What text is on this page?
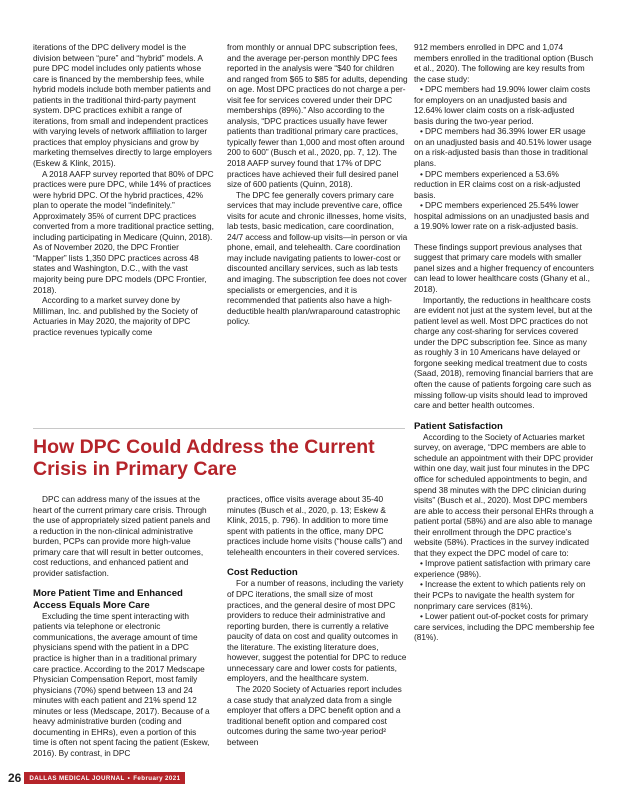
iterations of the DPC delivery model is the division between “pure” and “hybrid” models. A pure DPC model includes only patients whose care is financed by the membership fees, while hybrid models include both member patients and patients in the traditional third-party payment system. DPC practices exhibit a range of iterations, from small and independent practices with varying levels of network affiliation to larger practices that employ physicians and grow by marketing themselves directly to large employers (Eskew & Klink, 2015).

A 2018 AAFP survey reported that 80% of DPC practices were pure DPC, while 14% of practices were hybrid DPC. Of the hybrid practices, 42% plan to operate the model “indefinitely.” Approximately 35% of current DPC practices converted from a more traditional practice setting, including participating in Medicare (Quinn, 2018). As of November 2020, the DPC Frontier “Mapper” lists 1,350 DPC practices across 48 states and Washington, D.C., with the vast majority being pure DPC models (DPC Frontier, 2018).

According to a market survey done by Milliman, Inc. and published by the Society of Actuaries in May 2020, the majority of DPC practice revenues typically come

from monthly or annual DPC subscription fees, and the average per-person monthly DPC fees reported in the analysis were “$40 for children and ranged from $65 to $85 for adults, depending on age. Most DPC practices do not charge a per-visit fee for services covered under their DPC memberships (89%).” Also according to the analysis, “DPC practices usually have fewer patients than traditional primary care practices, typically fewer than 1,000 and most often around 200 to 600” (Busch et al., 2020, pp. 7, 12). The 2018 AAFP survey found that 17% of DPC practices have achieved their full desired panel size of 600 patients (Quinn, 2018).

The DPC fee generally covers primary care services that may include preventive care, office visits for acute and chronic illnesses, home visits, lab tests, basic medication, care coordination, 24/7 access and follow-up visits—in person or via phone, email, and telehealth. Care coordination may include navigating patients to lower-cost or discounted ancillary services, such as lab tests and imaging. The subscription fee does not cover specialists or emergencies, and it is recommended that patients also have a high-deductible health plan/wraparound catastrophic policy.

912 members enrolled in DPC and 1,074 members enrolled in the traditional option (Busch et al., 2020). The following are key results from the case study:

• DPC members had 19.90% lower claim costs for employers on an unadjusted basis and 12.64% lower claim costs on a risk-adjusted basis during the two-year period.

• DPC members had 36.39% lower ER usage on an unadjusted basis and 40.51% lower usage on a risk-adjusted basis than those in traditional plans.

• DPC members experienced a 53.6% reduction in ER claims cost on a risk-adjusted basis.

• DPC members experienced 25.54% lower hospital admissions on an unadjusted basis and a 19.90% lower rate on a risk-adjusted basis.

These findings support previous analyses that suggest that primary care models with smaller panel sizes and a higher frequency of encounters can lead to lower healthcare costs (Ghany et al., 2018).

Importantly, the reductions in healthcare costs are evident not just at the system level, but at the patient level as well. Most DPC practices do not charge any cost-sharing for services covered under the DPC subscription fee. Since as many as roughly 3 in 10 Americans have delayed or forgone seeking medical treatment due to costs (Saad, 2018), removing financial barriers that are often the cause of patients forgoing care such as missing follow-up visits should lead to improved care and better health outcomes.

Patient Satisfaction

According to the Society of Actuaries market survey, on average, “DPC members are able to schedule an appointment with their DPC provider within one day, wait just four minutes in the DPC office for scheduled appointments to begin, and spend 38 minutes with the DPC clinician during visits” (Busch et al., 2020). Most DPC members are able to access their personal EHRs through a patient portal (58%) and are also able to manage their enrollment through the DPC practice’s website (58%). Practices in the survey indicated that they expect the DPC model of care to:

• Improve patient satisfaction with primary care experience (98%).

• Increase the extent to which patients rely on their PCPs to navigate the health system for nonprimary care services (81%).

• Lower patient out-of-pocket costs for primary care services, including the DPC membership fee (81%).

How DPC Could Address the Current Crisis in Primary Care

DPC can address many of the issues at the heart of the current primary care crisis. Through the use of appropriately sized patient panels and a reduction in the non-clinical administrative burden, PCPs can provide more high-value primary care that will result in better outcomes, cost reductions, and enhanced patient and provider satisfaction.

More Patient Time and Enhanced Access Equals More Care

Excluding the time spent interacting with patients via telephone or electronic communications, the average amount of time physicians spend with the patient in a DPC practice is higher than in a traditional primary care practice. According to the 2017 Medscape Physician Compensation Report, most family physicians (70%) spend between 13 and 24 minutes with each patient and 21% spend 12 minutes or less (Medscape, 2017). Because of a heavy administrative burden (coding and documenting in EHRs), even a portion of this time is often not spent facing the patient (Eskew, 2016). By contrast, in DPC

practices, office visits average about 35-40 minutes (Busch et al., 2020, p. 13; Eskew & Klink, 2015, p. 796). In addition to more time spent with patients in the office, many DPC practices include home visits (“house calls”) and telehealth encounters in their covered services.

Cost Reduction

For a number of reasons, including the variety of DPC iterations, the small size of most practices, and the general desire of most DPC providers to reduce their administrative and reporting burden, there is currently a relative paucity of data on cost and quality outcomes in the literature. The existing literature does, however, suggest the potential for DPC to reduce unnecessary care and lower costs for patients, employers, and the healthcare system.

The 2020 Society of Actuaries report includes a case study that analyzed data from a single employer that offers a DPC benefit option and a traditional benefit option and compared cost outcomes during the same two-year period² between

26 DALLAS MEDICAL JOURNAL • February 2021
